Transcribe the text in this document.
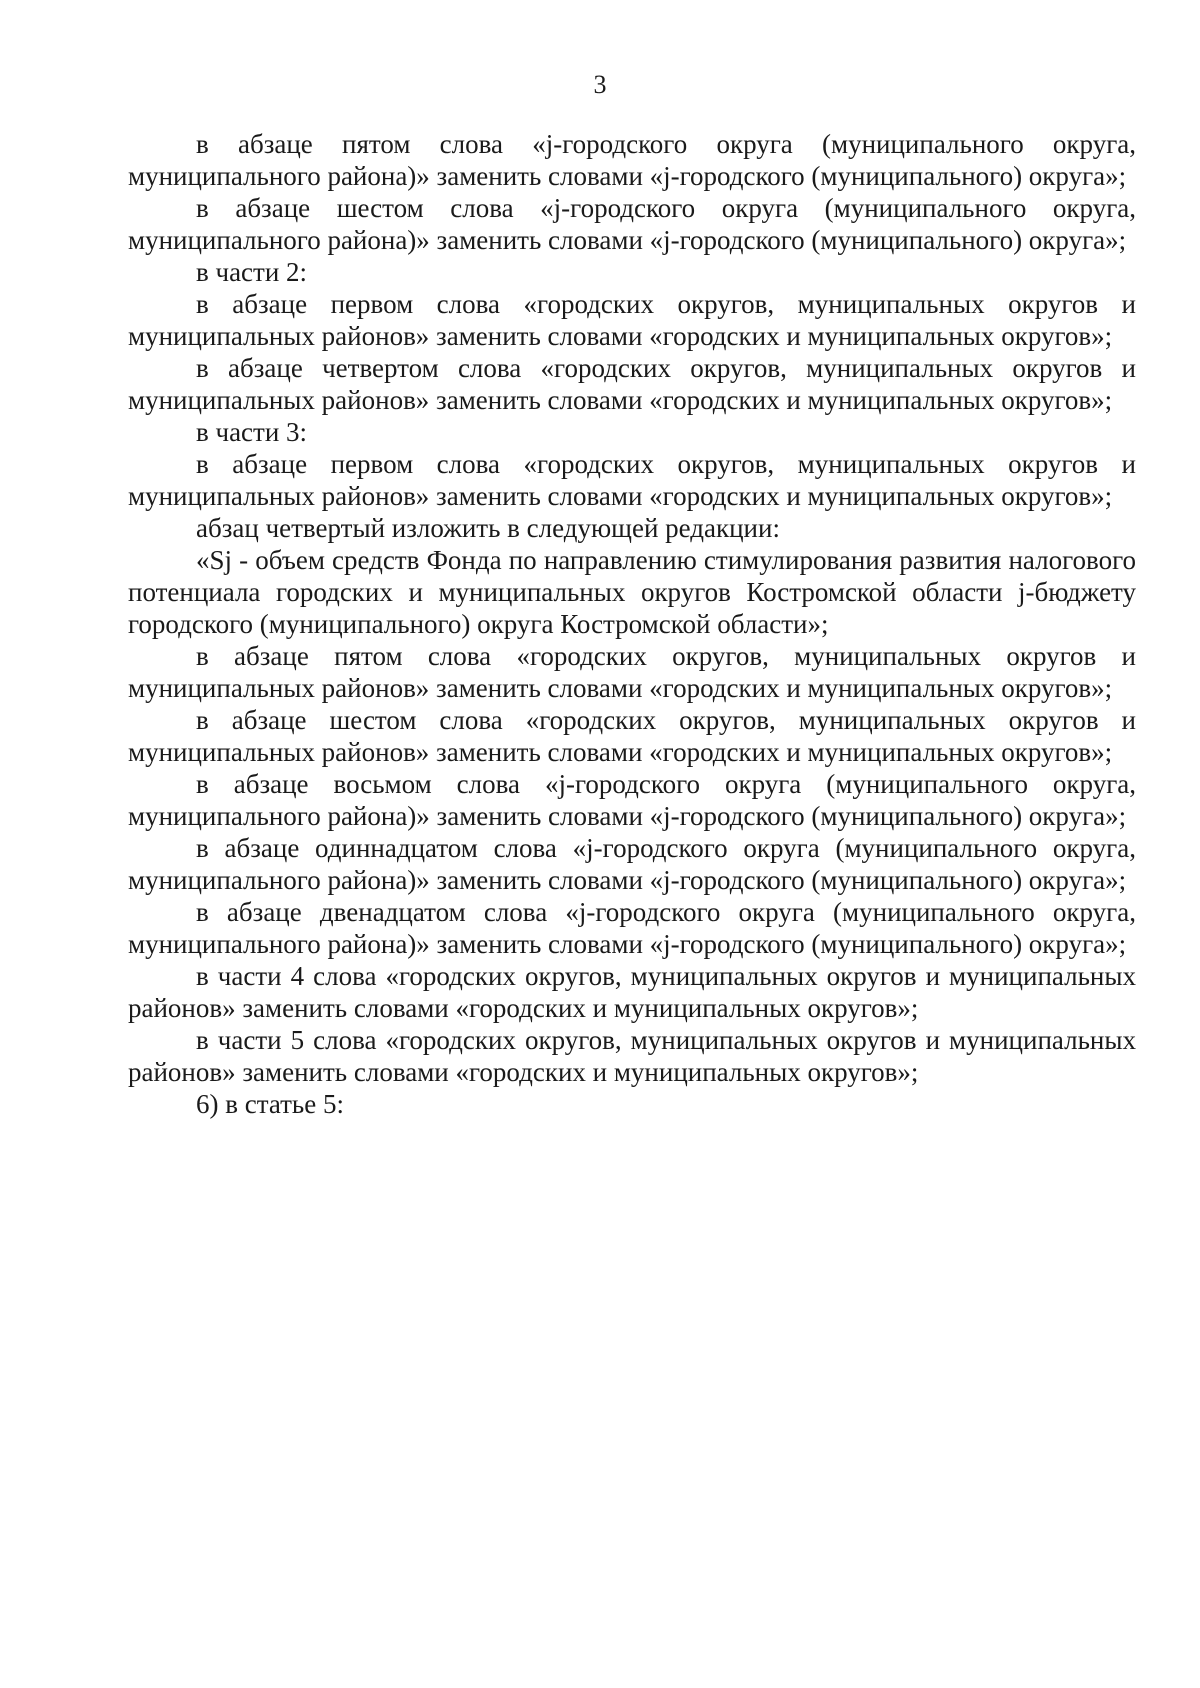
3

в абзаце пятом слова «j-городского округа (муниципального округа, муниципального района)» заменить словами «j-городского (муниципального) округа»;

в абзаце шестом слова «j-городского округа (муниципального округа, муниципального района)» заменить словами «j-городского (муниципального) округа»;

в части 2:

в абзаце первом слова «городских округов, муниципальных округов и муниципальных районов» заменить словами «городских и муниципальных округов»;

в абзаце четвертом слова «городских округов, муниципальных округов и муниципальных районов» заменить словами «городских и муниципальных округов»;

в части 3:

в абзаце первом слова «городских округов, муниципальных округов и муниципальных районов» заменить словами «городских и муниципальных округов»;

абзац четвертый изложить в следующей редакции:

«Sj - объем средств Фонда по направлению стимулирования развития налогового потенциала городских и муниципальных округов Костромской области j-бюджету городского (муниципального) округа Костромской области»;

в абзаце пятом слова «городских округов, муниципальных округов и муниципальных районов» заменить словами «городских и муниципальных округов»;

в абзаце шестом слова «городских округов, муниципальных округов и муниципальных районов» заменить словами «городских и муниципальных округов»;

в абзаце восьмом слова «j-городского округа (муниципального округа, муниципального района)» заменить словами «j-городского (муниципального) округа»;

в абзаце одиннадцатом слова «j-городского округа (муниципального округа, муниципального района)» заменить словами «j-городского (муниципального) округа»;

в абзаце двенадцатом слова «j-городского округа (муниципального округа, муниципального района)» заменить словами «j-городского (муниципального) округа»;

в части 4 слова «городских округов, муниципальных округов и муниципальных районов» заменить словами «городских и муниципальных округов»;

в части 5 слова «городских округов, муниципальных округов и муниципальных районов» заменить словами «городских и муниципальных округов»;

6) в статье 5:
